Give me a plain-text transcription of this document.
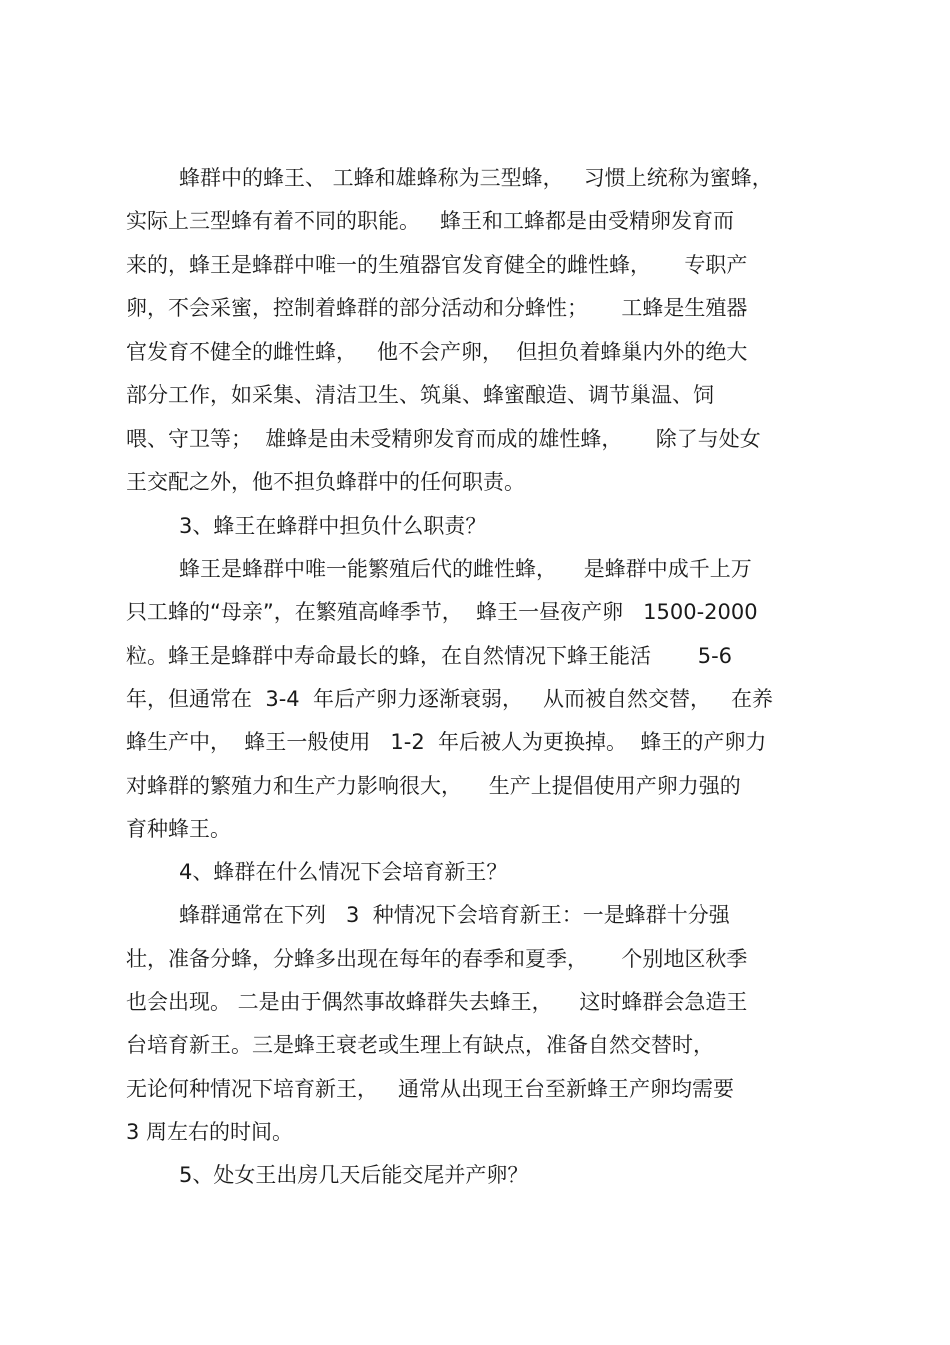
蜂群中的蜂王、 工蜂和雄蜂称为三型蜂，   习惯上统称为蜜蜂，
实际上三型蜂有着不同的职能。   蜂王和工蜂都是由受精卵发育而
来的，蜂王是蜂群中唯一的生殖器官发育健全的雌性蜂，     专职产
卵，不会采蜜，控制着蜂群的部分活动和分蜂性；     工蜂是生殖器
官发育不健全的雌性蜂，   他不会产卵，  但担负着蜂巢内外的绝大
部分工作，如采集、清洁卫生、筑巢、蜂蜜酿造、调节巢温、饲
喂、守卫等；  雄蜂是由未受精卵发育而成的雄性蜂，     除了与处女
王交配之外，他不担负蜂群中的任何职责。
3、蜂王在蜂群中担负什么职责？
蜂王是蜂群中唯一能繁殖后代的雌性蜂，    是蜂群中成千上万
只工蜂的“母亲”，在繁殖高峰季节，  蜂王一昼夜产卵   1500-2000
粒。蜂王是蜂群中寿命最长的蜂，在自然情况下蜂王能活       5-6
年，但通常在  3-4  年后产卵力逐渐衰弱，   从而被自然交替，   在养
蜂生产中，  蜂王一般使用   1-2  年后被人为更换掉。  蜂王的产卵力
对蜂群的繁殖力和生产力影响很大，    生产上提倡使用产卵力强的
育种蜂王。
4、蜂群在什么情况下会培育新王？
蜂群通常在下列   3  种情况下会培育新王：一是蜂群十分强
壮，准备分蜂，分蜂多出现在每年的春季和夏季，     个别地区秋季
也会出现。 二是由于偶然事故蜂群失去蜂王，    这时蜂群会急造王
台培育新王。三是蜂王衰老或生理上有缺点，准备自然交替时，
无论何种情况下培育新王，   通常从出现王台至新蜂王产卵均需要
3 周左右的时间。
5、处女王出房几天后能交尾并产卵？
